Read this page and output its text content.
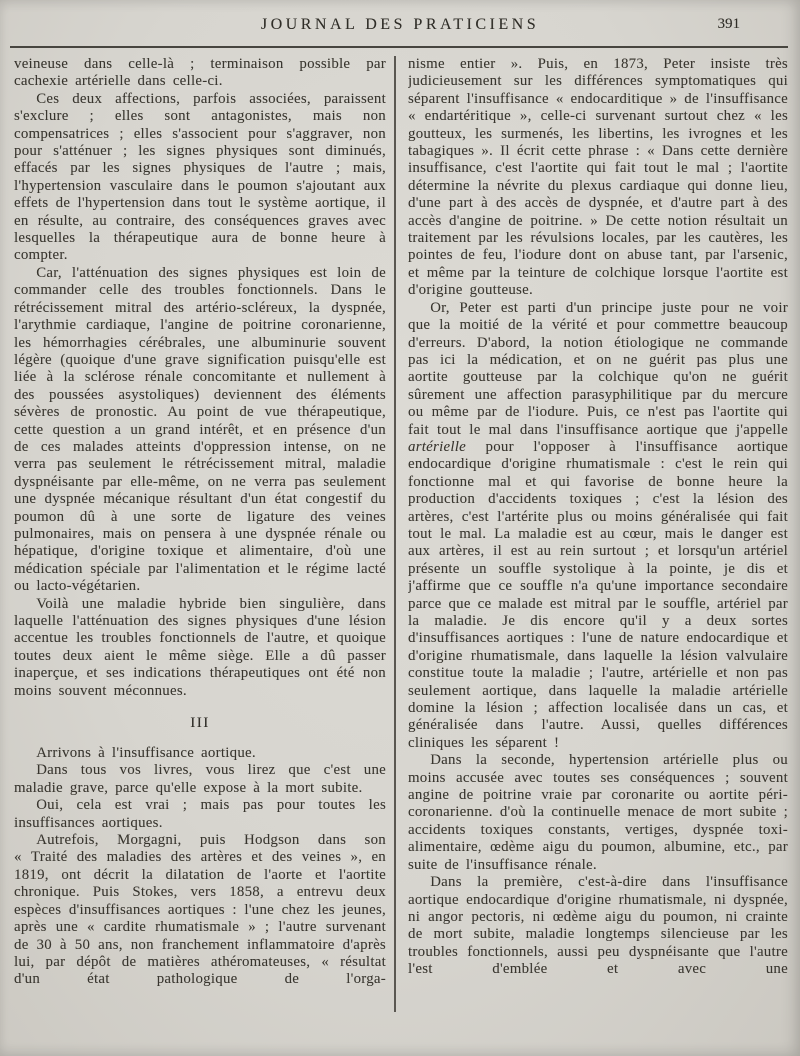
JOURNAL DES PRATICIENS	391

veineuse dans celle-là ; terminaison possible par cachexie artérielle dans celle-ci.

Ces deux affections, parfois associées, paraissent s'exclure ; elles sont antagonistes, mais non compensatrices ; elles s'associent pour s'aggraver, non pour s'atténuer ; les signes physiques sont diminués, effacés par les signes physiques de l'autre ; mais, l'hypertension vasculaire dans le poumon s'ajoutant aux effets de l'hypertension dans tout le système aortique, il en résulte, au contraire, des conséquences graves avec lesquelles la thérapeutique aura de bonne heure à compter.

Car, l'atténuation des signes physiques est loin de commander celle des troubles fonctionnels. Dans le rétrécissement mitral des artério-scléreux, la dyspnée, l'arythmie cardiaque, l'angine de poitrine coronarienne, les hémorrhagies cérébrales, une albuminurie souvent légère (quoique d'une grave signification puisqu'elle est liée à la sclérose rénale concomitante et nullement à des poussées asystoliques) deviennent des éléments sévères de pronostic. Au point de vue thérapeutique, cette question a un grand intérêt, et en présence d'un de ces malades atteints d'oppression intense, on ne verra pas seulement le rétrécissement mitral, maladie dyspnéisante par elle-même, on ne verra pas seulement une dyspnée mécanique résultant d'un état congestif du poumon dû à une sorte de ligature des veines pulmonaires, mais on pensera à une dyspnée rénale ou hépatique, d'origine toxique et alimentaire, d'où une médication spéciale par l'alimentation et le régime lacté ou lacto-végétarien.

Voilà une maladie hybride bien singulière, dans laquelle l'atténuation des signes physiques d'une lésion accentue les troubles fonctionnels de l'autre, et quoique toutes deux aient le même siège. Elle a dû passer inaperçue, et ses indications thérapeutiques ont été non moins souvent méconnues.

III

Arrivons à l'insuffisance aortique.

Dans tous vos livres, vous lirez que c'est une maladie grave, parce qu'elle expose à la mort subite.

Oui, cela est vrai ; mais pas pour toutes les insuffisances aortiques.

Autrefois, Morgagni, puis Hodgson dans son « Traité des maladies des artères et des veines », en 1819, ont décrit la dilatation de l'aorte et l'aortite chronique. Puis Stokes, vers 1858, a entrevu deux espèces d'insuffisances aortiques : l'une chez les jeunes, après une « cardite rhumatismale » ; l'autre survenant de 30 à 50 ans, non franchement inflammatoire d'après lui, par dépôt de matières athéromateuses, « résultat d'un état pathologique de l'orga-

nisme entier ». Puis, en 1873, Peter insiste très judicieusement sur les différences symptomatiques qui séparent l'insuffisance « endocarditique » de l'insuffisance « endartéritique », celle-ci survenant surtout chez « les goutteux, les surmenés, les libertins, les ivrognes et les tabagiques ». Il écrit cette phrase : « Dans cette dernière insuffisance, c'est l'aortite qui fait tout le mal ; l'aortite détermine la névrite du plexus cardiaque qui donne lieu, d'une part à des accès de dyspnée, et d'autre part à des accès d'angine de poitrine. » De cette notion résultait un traitement par les révulsions locales, par les cautères, les pointes de feu, l'iodure dont on abuse tant, par l'arsenic, et même par la teinture de colchique lorsque l'aortite est d'origine goutteuse.

Or, Peter est parti d'un principe juste pour ne voir que la moitié de la vérité et pour commettre beaucoup d'erreurs. D'abord, la notion étiologique ne commande pas ici la médication, et on ne guérit pas plus une aortite goutteuse par la colchique qu'on ne guérit sûrement une affection parasyphilitique par du mercure ou même par de l'iodure. Puis, ce n'est pas l'aortite qui fait tout le mal dans l'insuffisance aortique que j'appelle artérielle pour l'opposer à l'insuffisance aortique endocardique d'origine rhumatismale : c'est le rein qui fonctionne mal et qui favorise de bonne heure la production d'accidents toxiques ; c'est la lésion des artères, c'est l'artérite plus ou moins généralisée qui fait tout le mal. La maladie est au cœur, mais le danger est aux artères, il est au rein surtout ; et lorsqu'un artériel présente un souffle systolique à la pointe, je dis et j'affirme que ce souffle n'a qu'une importance secondaire parce que ce malade est mitral par le souffle, artériel par la maladie. Je dis encore qu'il y a deux sortes d'insuffisances aortiques : l'une de nature endocardique et d'origine rhumatismale, dans laquelle la lésion valvulaire constitue toute la maladie ; l'autre, artérielle et non pas seulement aortique, dans laquelle la maladie artérielle domine la lésion ; affection localisée dans un cas, et généralisée dans l'autre. Aussi, quelles différences cliniques les séparent !

Dans la seconde, hypertension artérielle plus ou moins accusée avec toutes ses conséquences ; souvent angine de poitrine vraie par coronarite ou aortite péri-coronarienne. d'où la continuelle menace de mort subite ; accidents toxiques constants, vertiges, dyspnée toxi-alimentaire, œdème aigu du poumon, albumine, etc., par suite de l'insuffisance rénale.

Dans la première, c'est-à-dire dans l'insuffisance aortique endocardique d'origine rhumatismale, ni dyspnée, ni angor pectoris, ni œdème aigu du poumon, ni crainte de mort subite, maladie longtemps silencieuse par les troubles fonctionnels, aussi peu dyspnéisante que l'autre l'est d'emblée et avec une
